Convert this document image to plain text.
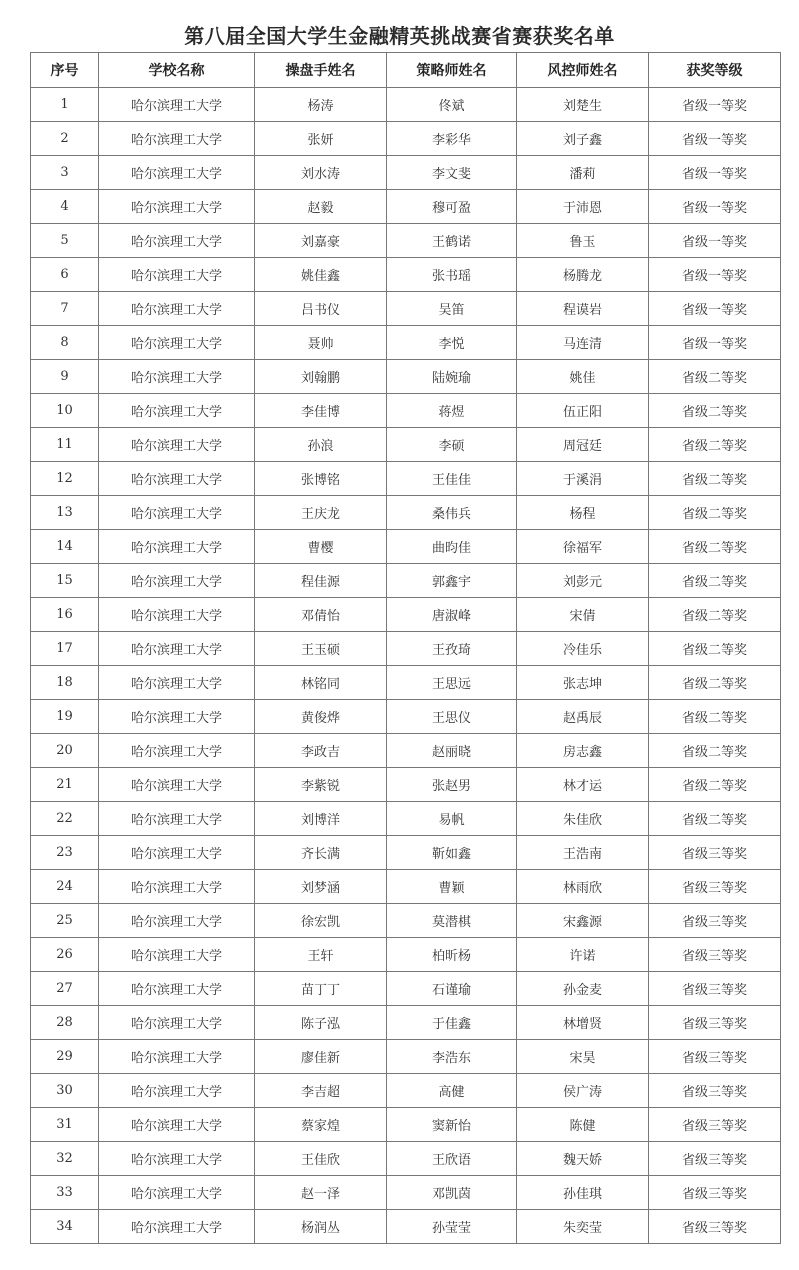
第八届全国大学生金融精英挑战赛省赛获奖名单
序号	学校名称	操盘手姓名	策略师姓名	风控师姓名	获奖等级
1	哈尔滨理工大学	杨涛	佟斌	刘楚生	省级一等奖
2	哈尔滨理工大学	张妍	李彩华	刘子鑫	省级一等奖
3	哈尔滨理工大学	刘水涛	李文斐	潘莉	省级一等奖
4	哈尔滨理工大学	赵毅	穆可盈	于沛恩	省级一等奖
5	哈尔滨理工大学	刘嘉豪	王鹤诺	鲁玉	省级一等奖
6	哈尔滨理工大学	姚佳鑫	张书瑶	杨腾龙	省级一等奖
7	哈尔滨理工大学	吕书仪	吴笛	程谟岩	省级一等奖
8	哈尔滨理工大学	聂帅	李悦	马连清	省级一等奖
9	哈尔滨理工大学	刘翰鹏	陆婉瑜	姚佳	省级二等奖
10	哈尔滨理工大学	李佳博	蒋煜	伍正阳	省级二等奖
11	哈尔滨理工大学	孙浪	李硕	周冠廷	省级二等奖
12	哈尔滨理工大学	张博铭	王佳佳	于溪涓	省级二等奖
13	哈尔滨理工大学	王庆龙	桑伟兵	杨程	省级二等奖
14	哈尔滨理工大学	曹樱	曲昀佳	徐福军	省级二等奖
15	哈尔滨理工大学	程佳源	郭鑫宇	刘彭元	省级二等奖
16	哈尔滨理工大学	邓倩怡	唐淑峰	宋倩	省级二等奖
17	哈尔滨理工大学	王玉硕	王孜琦	冷佳乐	省级二等奖
18	哈尔滨理工大学	林铭同	王思远	张志坤	省级二等奖
19	哈尔滨理工大学	黄俊烨	王思仪	赵禹辰	省级二等奖
20	哈尔滨理工大学	李政吉	赵丽晓	房志鑫	省级二等奖
21	哈尔滨理工大学	李紫锐	张赵男	林才运	省级二等奖
22	哈尔滨理工大学	刘博洋	易帆	朱佳欣	省级二等奖
23	哈尔滨理工大学	齐长满	靳如鑫	王浩南	省级三等奖
24	哈尔滨理工大学	刘梦涵	曹颖	林雨欣	省级三等奖
25	哈尔滨理工大学	徐宏凯	莫潜棋	宋鑫源	省级三等奖
26	哈尔滨理工大学	王轩	柏昕杨	许诺	省级三等奖
27	哈尔滨理工大学	苗丁丁	石谨瑜	孙金麦	省级三等奖
28	哈尔滨理工大学	陈子泓	于佳鑫	林增贤	省级三等奖
29	哈尔滨理工大学	廖佳新	李浩东	宋昊	省级三等奖
30	哈尔滨理工大学	李吉超	高健	侯广涛	省级三等奖
31	哈尔滨理工大学	蔡家煌	窦新怡	陈健	省级三等奖
32	哈尔滨理工大学	王佳欣	王欣语	魏天娇	省级三等奖
33	哈尔滨理工大学	赵一泽	邓凯茵	孙佳琪	省级三等奖
34	哈尔滨理工大学	杨润丛	孙莹莹	朱奕莹	省级三等奖
